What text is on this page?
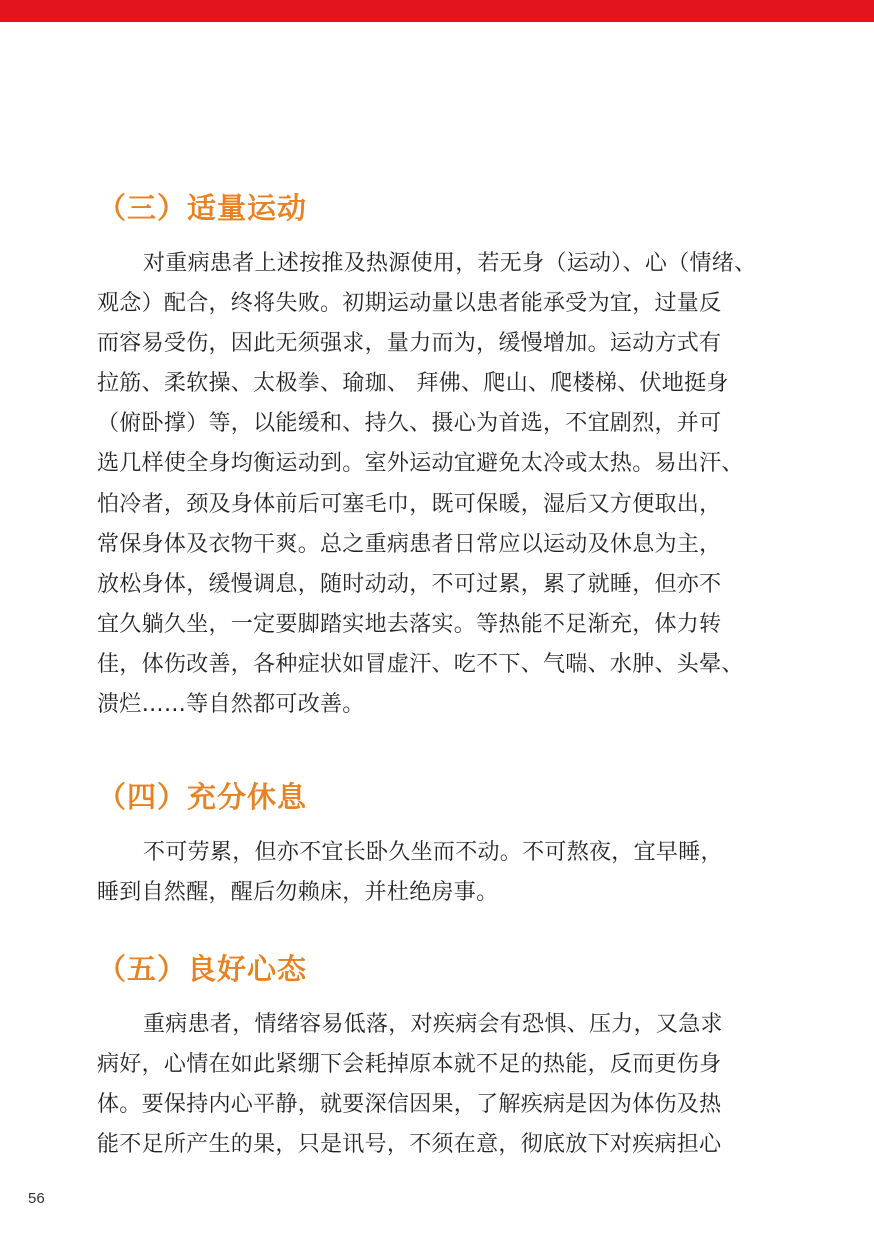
（三）适量运动
对重病患者上述按推及热源使用，若无身（运动）、心（情绪、
观念）配合，终将失败。初期运动量以患者能承受为宜，过量反
而容易受伤，因此无须强求，量力而为，缓慢增加。运动方式有
拉筋、柔软操、太极拳、瑜珈、 拜佛、爬山、爬楼梯、伏地挺身
（俯卧撑）等，以能缓和、持久、摄心为首选，不宜剧烈，并可
选几样使全身均衡运动到。室外运动宜避免太冷或太热。易出汗、
怕冷者，颈及身体前后可塞毛巾，既可保暖，湿后又方便取出，
常保身体及衣物干爽。总之重病患者日常应以运动及休息为主，
放松身体，缓慢调息，随时动动，不可过累，累了就睡，但亦不
宜久躺久坐，一定要脚踏实地去落实。等热能不足渐充，体力转
佳，体伤改善，各种症状如冒虚汗、吃不下、气喘、水肿、头晕、
溃烂……等自然都可改善。
（四）充分休息
不可劳累，但亦不宜长卧久坐而不动。不可熬夜，宜早睡，
睡到自然醒，醒后勿赖床，并杜绝房事。
（五）良好心态
重病患者，情绪容易低落，对疾病会有恐惧、压力，又急求
病好，心情在如此紧绷下会耗掉原本就不足的热能，反而更伤身
体。要保持内心平静，就要深信因果，了解疾病是因为体伤及热
能不足所产生的果，只是讯号，不须在意，彻底放下对疾病担心
56
